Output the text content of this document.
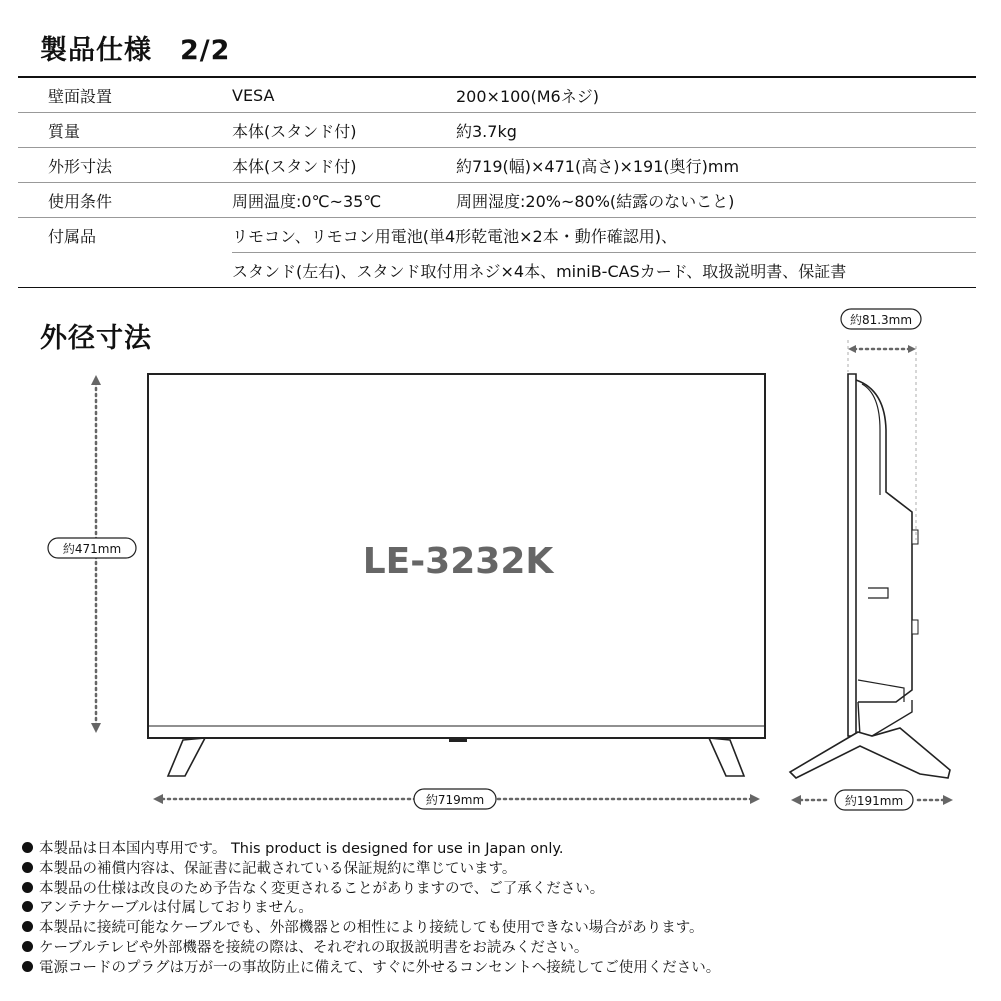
製品仕様 2/2
壁面設置	VESA	200×100(M6ネジ)
質量	本体(スタンド付)	約3.7kg
外形寸法	本体(スタンド付)	約719(幅)×471(高さ)×191(奥行)mm
使用条件	周囲温度:0℃~35℃	周囲湿度:20%~80%(結露のないこと)
付属品	リモコン、リモコン用電池(単4形乾電池×2本・動作確認用)、	
	スタンド(左右)、スタンド取付用ネジ×4本、miniB-CASカード、取扱説明書、保証書	
外径寸法
LE-3232K
約471mm
約719mm
約81.3mm
約191mm
本製品は日本国内専用です。 This product is designed for use in Japan only.
本製品の補償内容は、保証書に記載されている保証規約に準じています。
本製品の仕様は改良のため予告なく変更されることがありますので、ご了承ください。
アンテナケーブルは付属しておりません。
本製品に接続可能なケーブルでも、外部機器との相性により接続しても使用できない場合があります。
ケーブルテレビや外部機器を接続の際は、それぞれの取扱説明書をお読みください。
電源コードのプラグは万が一の事故防止に備えて、すぐに外せるコンセントへ接続してご使用ください。
